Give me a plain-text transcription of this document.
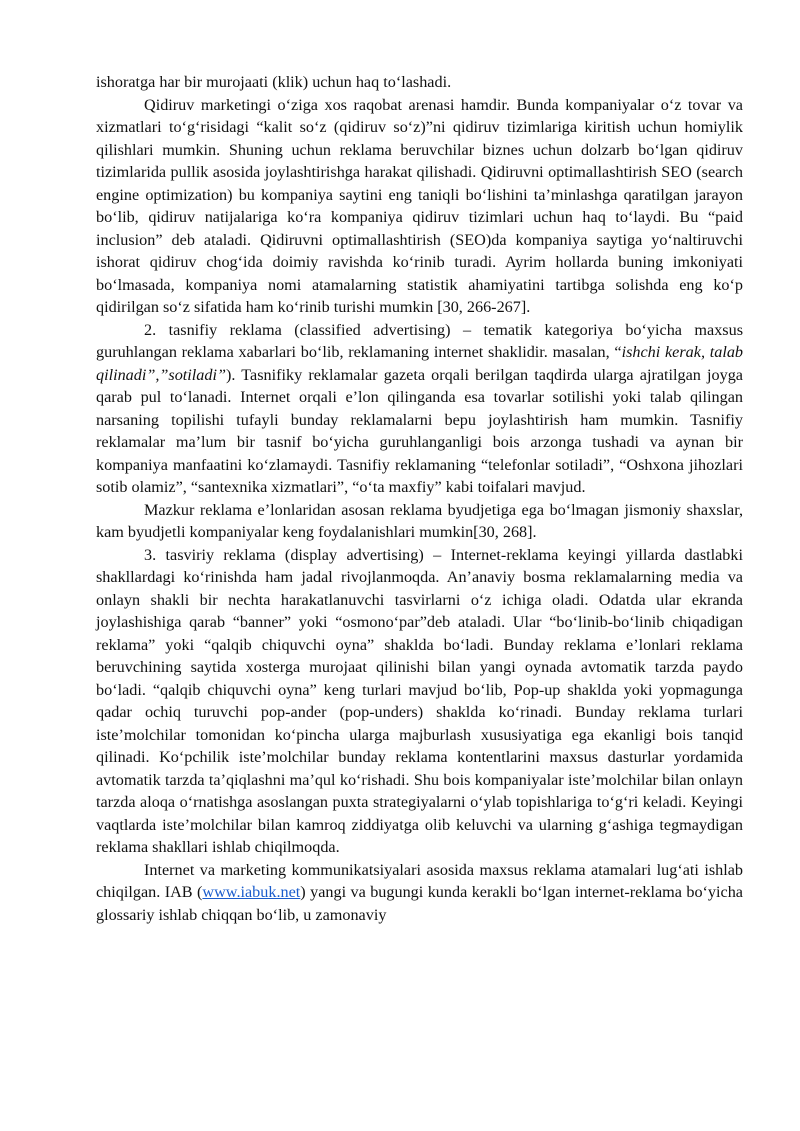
ishoratga har bir murojaati (klik) uchun haq toʻlashadi.

Qidiruv marketingi oʻziga xos raqobat arenasi hamdir. Bunda kompaniyalar oʻz tovar va xizmatlari toʻgʻrisidagi “kalit soʻz (qidiruv soʻz)”ni qidiruv tizimlariga kiritish uchun homiylik qilishlari mumkin. Shuning uchun reklama beruvchilar biznes uchun dolzarb boʻlgan qidiruv tizimlarida pullik asosida joylashtirishga harakat qilishadi. Qidiruvni optimallashtirish SEO (search engine optimization) bu kompaniya saytini eng taniqli boʻlishini taʼminlashga qaratilgan jarayon boʻlib, qidiruv natijalariga koʻra kompaniya qidiruv tizimlari uchun haq toʻlaydi. Bu “paid inclusion” deb ataladi. Qidiruvni optimallashtirish (SEO)da kompaniya saytiga yoʻnaltiruvchi ishorat qidiruv chogʻida doimiy ravishda koʻrinib turadi. Ayrim hollarda buning imkoniyati boʻlmasada, kompaniya nomi atamalarning statistik ahamiyatini tartibga solishda eng koʻp qidirilgan soʻz sifatida ham koʻrinib turishi mumkin [30, 266-267].

2. tasnifiy reklama (classified advertising) – tematik kategoriya boʻyicha maxsus guruhlangan reklama xabarlari boʻlib, reklamaning internet shaklidir. masalan, “ishchi kerak, talab qilinadi”,”sotiladi”). Tasnifiky reklamalar gazeta orqali berilgan taqdirda ularga ajratilgan joyga qarab pul toʻlanadi. Internet orqali eʼlon qilinganda esa tovarlar sotilishi yoki talab qilingan narsaning topilishi tufayli bunday reklamalarni bepu joylashtirish ham mumkin. Tasnifiy reklamalar maʼlum bir tasnif boʻyicha guruhlanganligi bois arzonga tushadi va aynan bir kompaniya manfaatini koʻzlamaydi. Tasnifiy reklamaning “telefonlar sotiladi”, “Oshxona jihozlari sotib olamiz”, “santexnika xizmatlari”, “oʻta maxfiy” kabi toifalari mavjud.

Mazkur reklama eʼlonlaridan asosan reklama byudjetiga ega boʻlmagan jismoniy shaxslar, kam byudjetli kompaniyalar keng foydalanishlari mumkin[30, 268].

3. tasviriy reklama (display advertising) – Internet-reklama keyingi yillarda dastlabki shakllardagi koʻrinishda ham jadal rivojlanmoqda. Anʼanaviy bosma reklamalarning media va onlayn shakli bir nechta harakatlanuvchi tasvirlarni oʻz ichiga oladi. Odatda ular ekranda joylashishiga qarab “banner” yoki “osmonoʻpar”deb ataladi. Ular “boʻlinib-boʻlinib chiqadigan reklama” yoki “qalqib chiquvchi oyna” shaklda boʻladi. Bunday reklama eʼlonlari reklama beruvchining saytida xosterga murojaat qilinishi bilan yangi oynada avtomatik tarzda paydo boʻladi. “qalqib chiquvchi oyna” keng turlari mavjud boʻlib, Pop-up shaklda yoki yopmagunga qadar ochiq turuvchi pop-ander (pop-unders) shaklda koʻrinadi. Bunday reklama turlari isteʼmolchilar tomonidan koʻpincha ularga majburlash xususiyatiga ega ekanligi bois tanqid qilinadi. Koʻpchilik isteʼmolchilar bunday reklama kontentlarini maxsus dasturlar yordamida avtomatik tarzda taʼqiqlashni maʼqul koʻrishadi. Shu bois kompaniyalar isteʼmolchilar bilan onlayn tarzda aloqa oʻrnatishga asoslangan puxta strategiyalarni oʻylab topishlariga toʻgʻri keladi. Keyingi vaqtlarda isteʼmolchilar bilan kamroq ziddiyatga olib keluvchi va ularning gʻashiga tegmaydigan reklama shakllari ishlab chiqilmoqda.

Internet va marketing kommunikatsiyalari asosida maxsus reklama atamalari lugʻati ishlab chiqilgan. IAB (www.iabuk.net) yangi va bugungi kunda kerakli boʻlgan internet-reklama boʻyicha glossariy ishlab chiqqan boʻlib, u zamonaviy
